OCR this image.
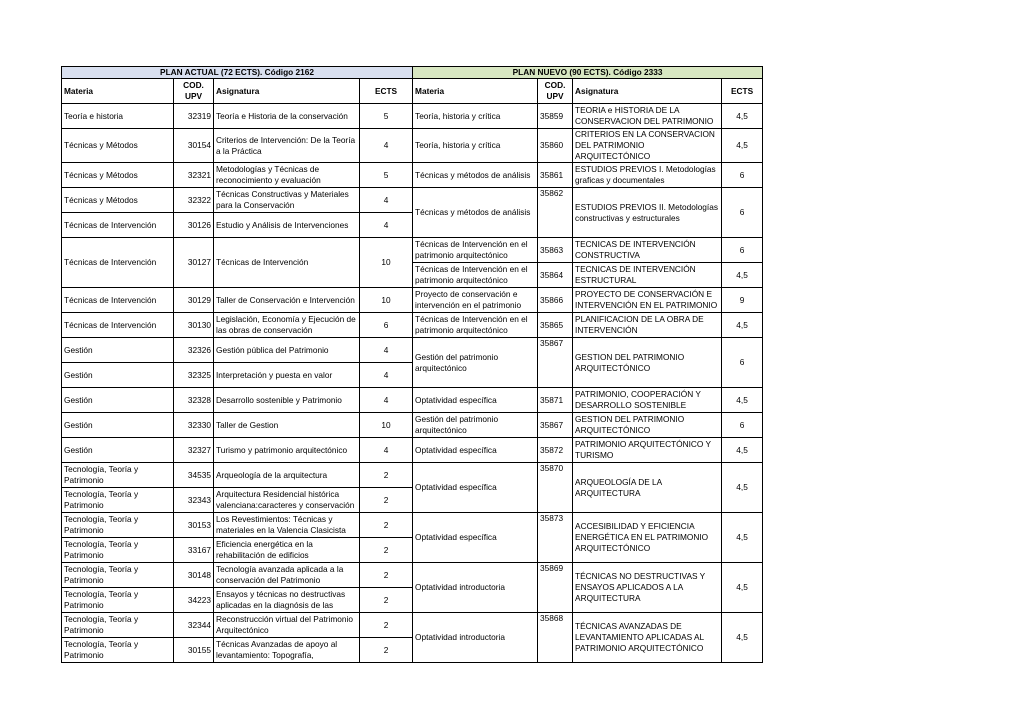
PLAN ACTUAL (72 ECTS). Código 2162				PLAN NUEVO (90 ECTS). Código 2333			
Materia	COD. UPV	Asignatura	ECTS	Materia	COD. UPV	Asignatura	ECTS
Teoría e historia	32319	Teoría e Historia de la conservación	5	Teoría, historia y crítica	35859	TEORIA e HISTORIA DE LA CONSERVACION DEL PATRIMONIO	4,5
Técnicas y Métodos	30154	Criterios de Intervención: De la Teoría a la Práctica	4	Teoría, historia y crítica	35860	CRITERIOS EN LA CONSERVACION DEL PATRIMONIO ARQUITECTÓNICO	4,5
Técnicas y Métodos	32321	Metodologías y Técnicas de reconocimiento y evaluación	5	Técnicas y métodos de análisis	35861	ESTUDIOS PREVIOS I. Metodologías graficas y documentales	6
Técnicas y Métodos	32322	Técnicas Constructivas y Materiales para la Conservación	4	Técnicas y métodos de análisis	35862	ESTUDIOS PREVIOS II. Metodologías constructivas y estructurales	6
Técnicas de Intervención	30126	Estudio y Análisis de Intervenciones	4				
Técnicas de Intervención	30127	Técnicas de Intervención	10	Técnicas de Intervención en el patrimonio arquitectónico	35863	TECNICAS DE INTERVENCIÓN CONSTRUCTIVA	6
				Técnicas de Intervención en el patrimonio arquitectónico	35864	TECNICAS DE INTERVENCIÓN ESTRUCTURAL	4,5
Técnicas de Intervención	30129	Taller de Conservación e Intervención	10	Proyecto de conservación e intervención en el patrimonio	35866	PROYECTO DE CONSERVACIÓN E INTERVENCIÓN EN EL PATRIMONIO	9
Técnicas de Intervención	30130	Legislación, Economía y Ejecución de las obras de conservación	6	Técnicas de Intervención en el patrimonio arquitectónico	35865	PLANIFICACION DE LA OBRA DE INTERVENCIÓN	4,5
Gestión	32326	Gestión pública del Patrimonio	4	Gestión del patrimonio arquitectónico	35867	GESTION DEL PATRIMONIO ARQUITECTÓNICO	6
Gestión	32325	Interpretación y puesta en valor	4				
Gestión	32328	Desarrollo sostenible y Patrimonio	4	Optatividad específica	35871	PATRIMONIO, COOPERACIÓN Y DESARROLLO SOSTENIBLE	4,5
Gestión	32330	Taller de Gestion	10	Gestión del patrimonio arquitectónico	35867	GESTION DEL PATRIMONIO ARQUITECTÓNICO	6
Gestión	32327	Turismo y patrimonio arquitectónico	4	Optatividad específica	35872	PATRIMONIO ARQUITECTÓNICO Y TURISMO	4,5
Tecnología, Teoría y Patrimonio	34535	Arqueología de la arquitectura	2	Optatividad específica	35870	ARQUEOLOGÍA DE LA ARQUITECTURA	4,5
Tecnología, Teoría y Patrimonio	32343	Arquitectura Residencial histórica valenciana:caracteres y conservación	2				
Tecnología, Teoría y Patrimonio	30153	Los Revestimientos: Técnicas y materiales en la Valencia Clasicista	2	Optatividad específica	35873	ACCESIBILIDAD Y EFICIENCIA ENERGÉTICA EN EL PATRIMONIO ARQUITECTÓNICO	4,5
Tecnología, Teoría y Patrimonio	33167	Eficiencia energética en la rehabilitación de edificios	2				
Tecnología, Teoría y Patrimonio	30148	Tecnología avanzada aplicada a la conservación del Patrimonio	2	Optatividad introductoria	35869	TÉCNICAS NO DESTRUCTIVAS Y ENSAYOS APLICADOS A LA ARQUITECTURA	4,5
Tecnología, Teoría y Patrimonio	34223	Ensayos y técnicas no destructivas aplicadas en la diagnósis de las	2				
Tecnología, Teoría y Patrimonio	32344	Reconstrucción virtual del Patrimonio Arquitectónico	2	Optatividad introductoria	35868	TÉCNICAS AVANZADAS DE LEVANTAMIENTO APLICADAS AL PATRIMONIO ARQUITECTÓNICO	4,5
Tecnología, Teoría y Patrimonio	30155	Técnicas Avanzadas de apoyo al levantamiento: Topografía,	2				
